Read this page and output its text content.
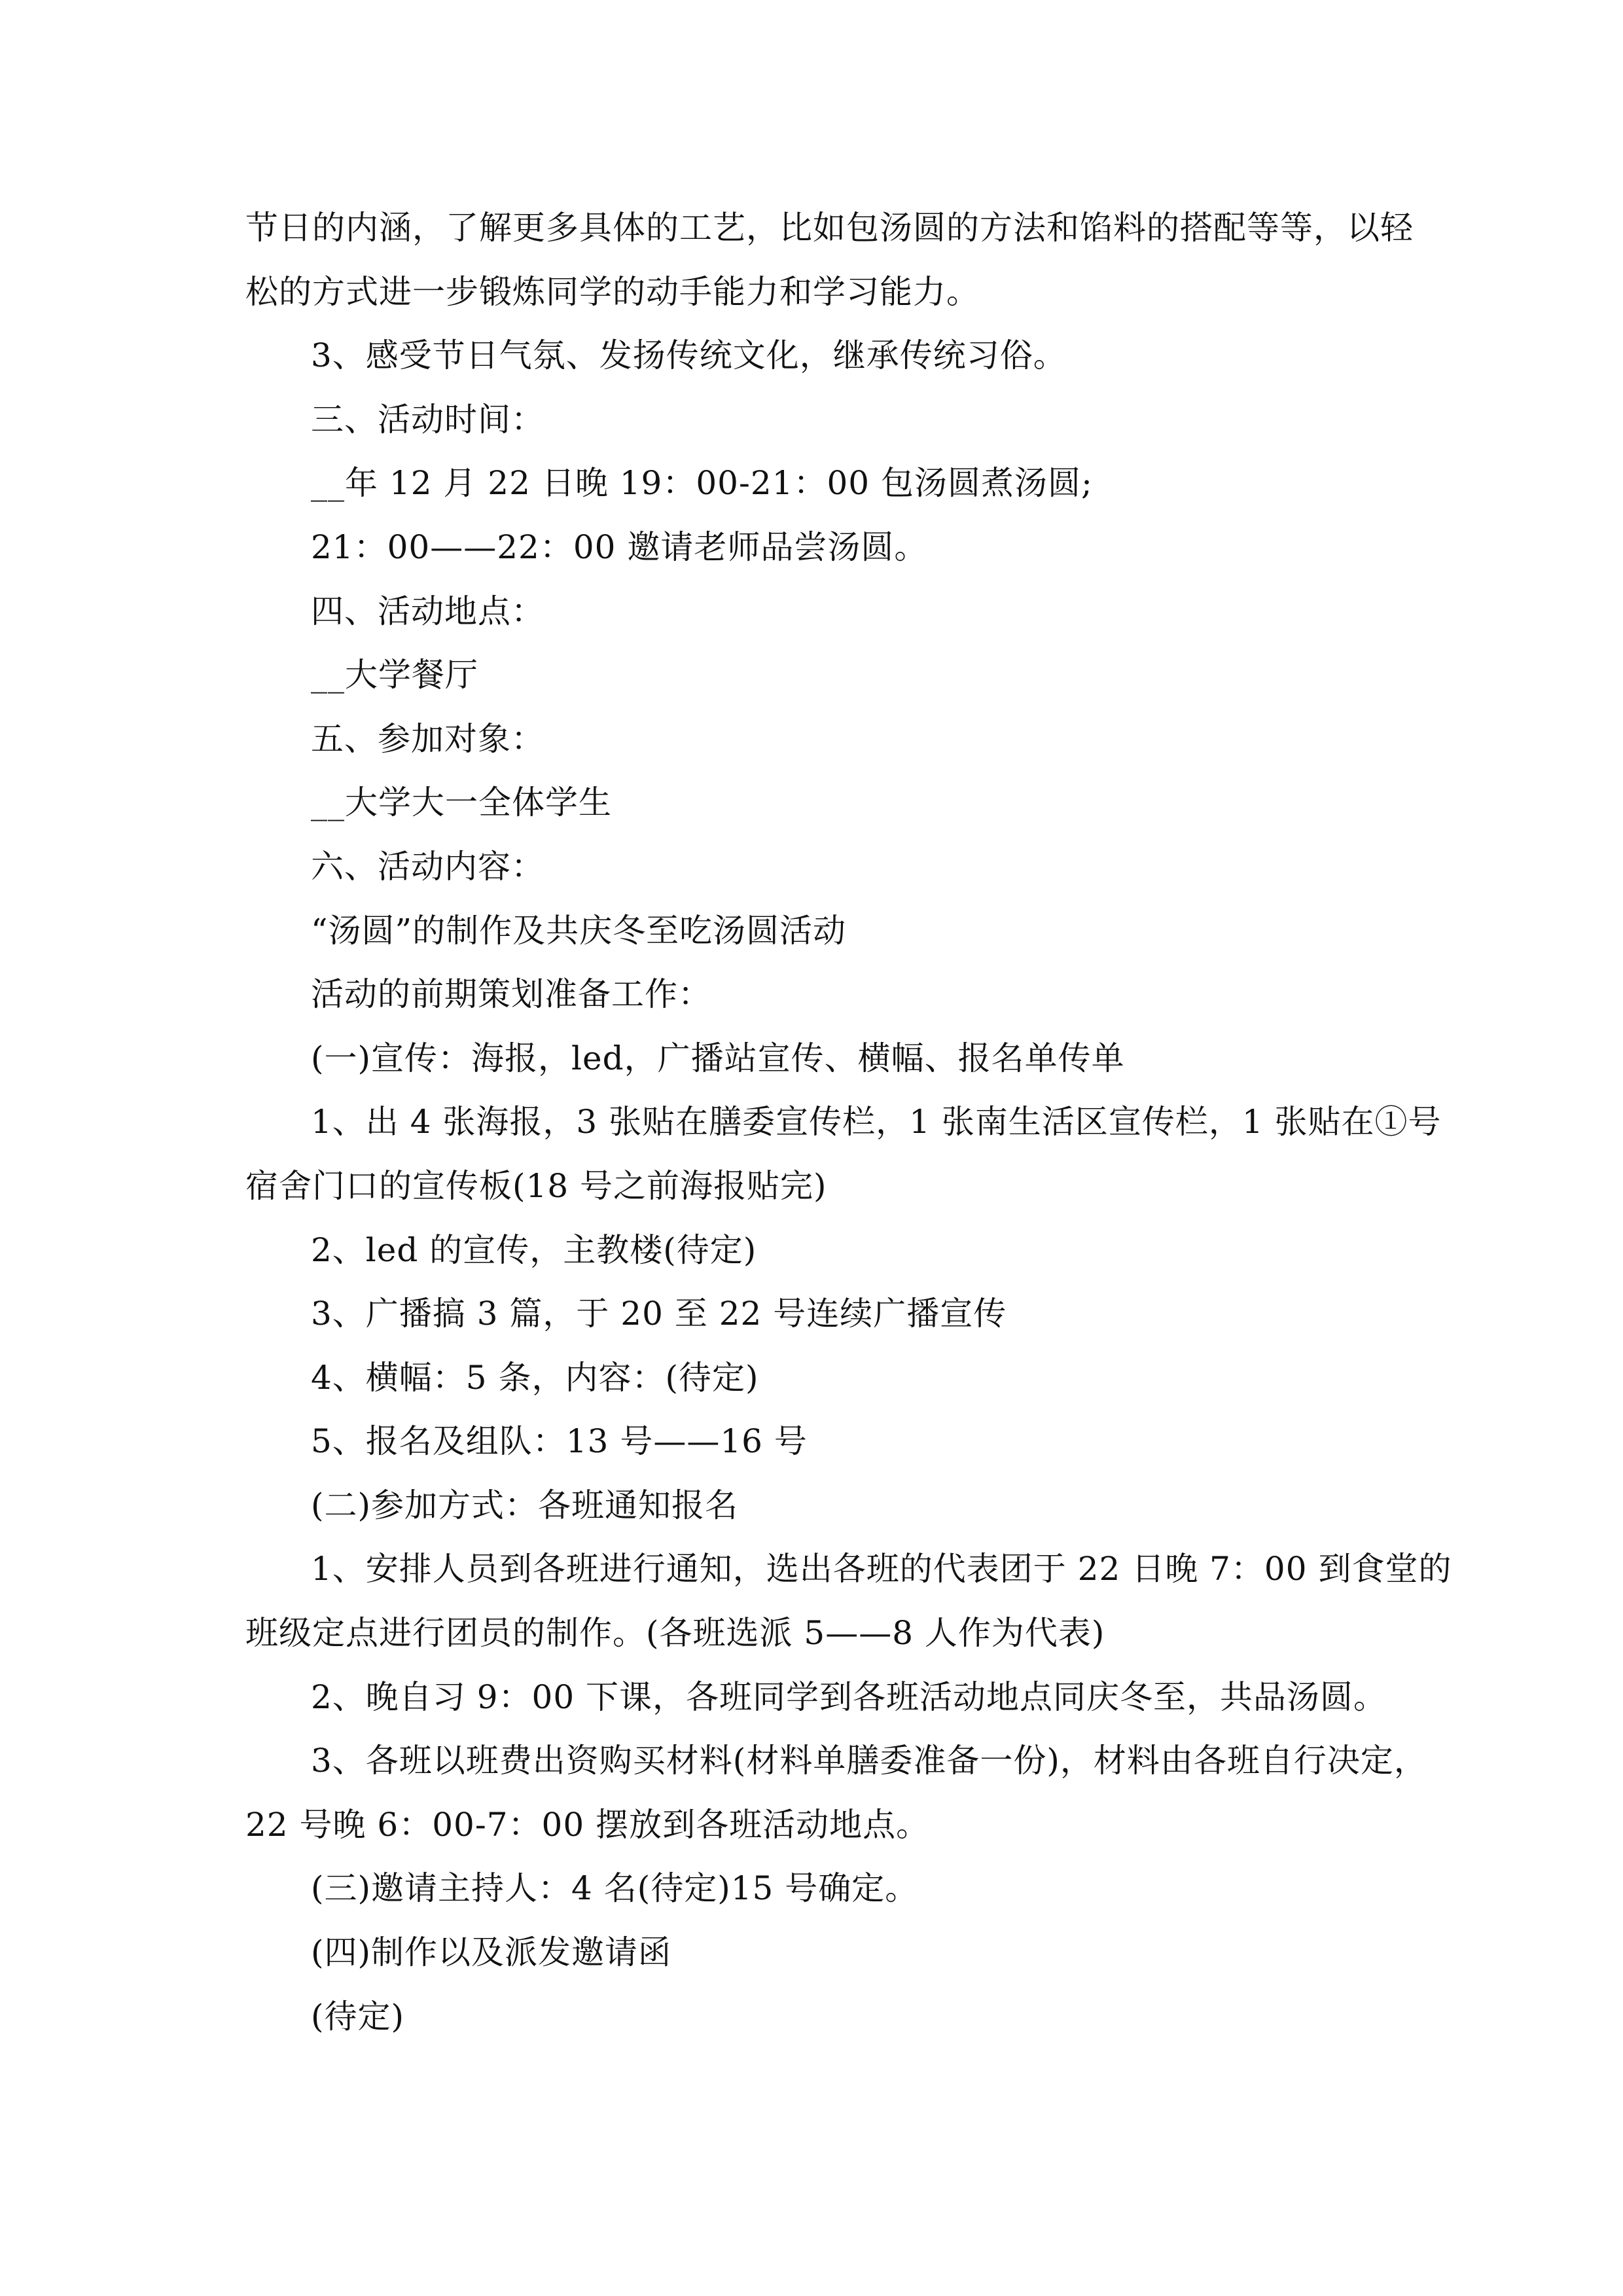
节日的内涵，了解更多具体的工艺，比如包汤圆的方法和馅料的搭配等等，以轻
松的方式进一步锻炼同学的动手能力和学习能力。
3、感受节日气氛、发扬传统文化，继承传统习俗。
三、活动时间：
__年 12 月 22 日晚 19：00-21：00 包汤圆煮汤圆;
21：00——22：00 邀请老师品尝汤圆。
四、活动地点：
__大学餐厅
五、参加对象：
__大学大一全体学生
六、活动内容：
“汤圆”的制作及共庆冬至吃汤圆活动
活动的前期策划准备工作：
(一)宣传：海报，led，广播站宣传、横幅、报名单传单
1、出 4 张海报，3 张贴在膳委宣传栏，1 张南生活区宣传栏，1 张贴在①号
宿舍门口的宣传板(18 号之前海报贴完)
2、led 的宣传，主教楼(待定)
3、广播搞 3 篇，于 20 至 22 号连续广播宣传
4、横幅：5 条，内容：(待定)
5、报名及组队：13 号——16 号
(二)参加方式：各班通知报名
1、安排人员到各班进行通知，选出各班的代表团于 22 日晚 7：00 到食堂的
班级定点进行团员的制作。(各班选派 5——8 人作为代表)
2、晚自习 9：00 下课，各班同学到各班活动地点同庆冬至，共品汤圆。
3、各班以班费出资购买材料(材料单膳委准备一份)，材料由各班自行决定，
22 号晚 6：00-7：00 摆放到各班活动地点。
(三)邀请主持人：4 名(待定)15 号确定。
(四)制作以及派发邀请函
(待定)
